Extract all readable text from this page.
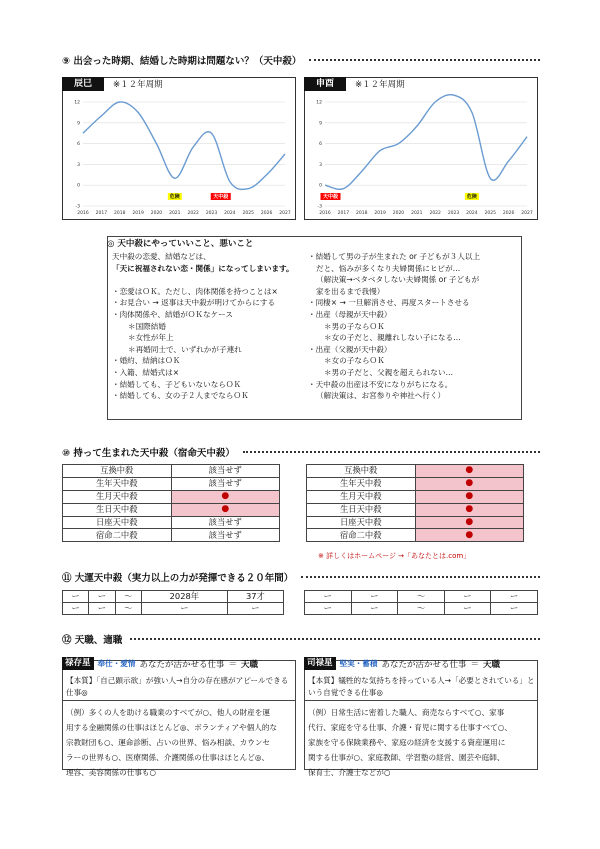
⑨ 出会った時期、結婚した時期は問題ない？（天中殺）
辰巳	※１２年周期
12
9
6
3
0
-3
2016 2017 2018 2019 2020 2021 2022 2023 2024 2025 2026 2027
危険	天中殺
申酉	※１２年周期
12
9
6
3
0
-3
2016 2017 2018 2019 2020 2021 2022 2023 2024 2025 2026 2027
天中殺	危険
天中殺の恋愛、結婚などは、
「天に祝福されない恋・関係」になってしまいます。

・恋愛はＯＫ。ただし、肉体関係を持つことは×
・お見合い → 返事は天中殺が明けてからにする
・肉体関係や、結婚がＯＫなケース
＊国際結婚
＊女性が年上
＊再婚同士で、いずれかが子連れ
・婚約、結納はＯＫ
・入籍、結婚式は×
・結婚しても、子どもいないならＯＫ
・結婚しても、女の子２人までならＯＫ
・結婚して男の子が生まれた or 子どもが３人以上
だと、悩みが多くなり夫婦関係にヒビが…
（解決策→ベタベタしない夫婦関係 or 子どもが
家を出るまで我慢）
・同棲× → 一旦解消させ、再度スタートさせる
・出産（母親が天中殺）
＊男の子ならＯＫ
＊女の子だと、親離れしない子になる…
・出産（父親が天中殺）
＊女の子ならＯＫ
＊男の子だと、父親を超えられない…
・天中殺の出産は不安になりがちになる。
（解決策は、お宮参りや神社へ行く）
◎ 天中殺にやっていいこと、悪いこと
⑩ 持って生まれた天中殺（宿命天中殺）
互換中殺	該当せず
生年天中殺	該当せず
生月天中殺	●
生日天中殺	●
日座天中殺	該当せず
宿命二中殺	該当せず
互換中殺	●
生年天中殺	●
生月天中殺	●
生日天中殺	●
日座天中殺	●
宿命二中殺	●
※ 詳しくはホームページ →「あなたとは.com」
⑪ 大運天中殺（実力以上の力が発揮できる２０年間）
ー	ー	〜	2028年	37才
ー	ー	〜	ー	ー
ー	ー	〜	ー	ー
ー	ー	〜	ー	ー
⑫ 天職、適職
【本質】「自己顕示欲」が強い人→自分の存在感がアピールできる仕事◎
（例）多くの人を助ける職業のすべてが○、他人の財産を運
用する金融関係の仕事はほとんど◎、ボランティアや個人的な
宗教財団も○、運命診断、占いの世界、悩み相談、カウンセ
ラーの世界も○、医療関係、介護関係の仕事はほとんど◎、
理容、美容関係の仕事も○
禄存星 奉仕・愛情 あなたが活かせる仕事 ＝ 天職
【本質】犠牲的な気持ちを持っている人→「必要とされている」という自覚できる仕事◎
（例）日常生活に密着した職人、商売ならすべて○、家事
代行、家庭を守る仕事、介護・育児に関する仕事すべて○、
家族を守る保険業務や、家庭の経済を支援する資産運用に
関する仕事が○、家庭教師、学習塾の経営、園芸や庭師、
保育士、介護士などが○
司禄星 堅実・蓄積 あなたが活かせる仕事 ＝ 天職
